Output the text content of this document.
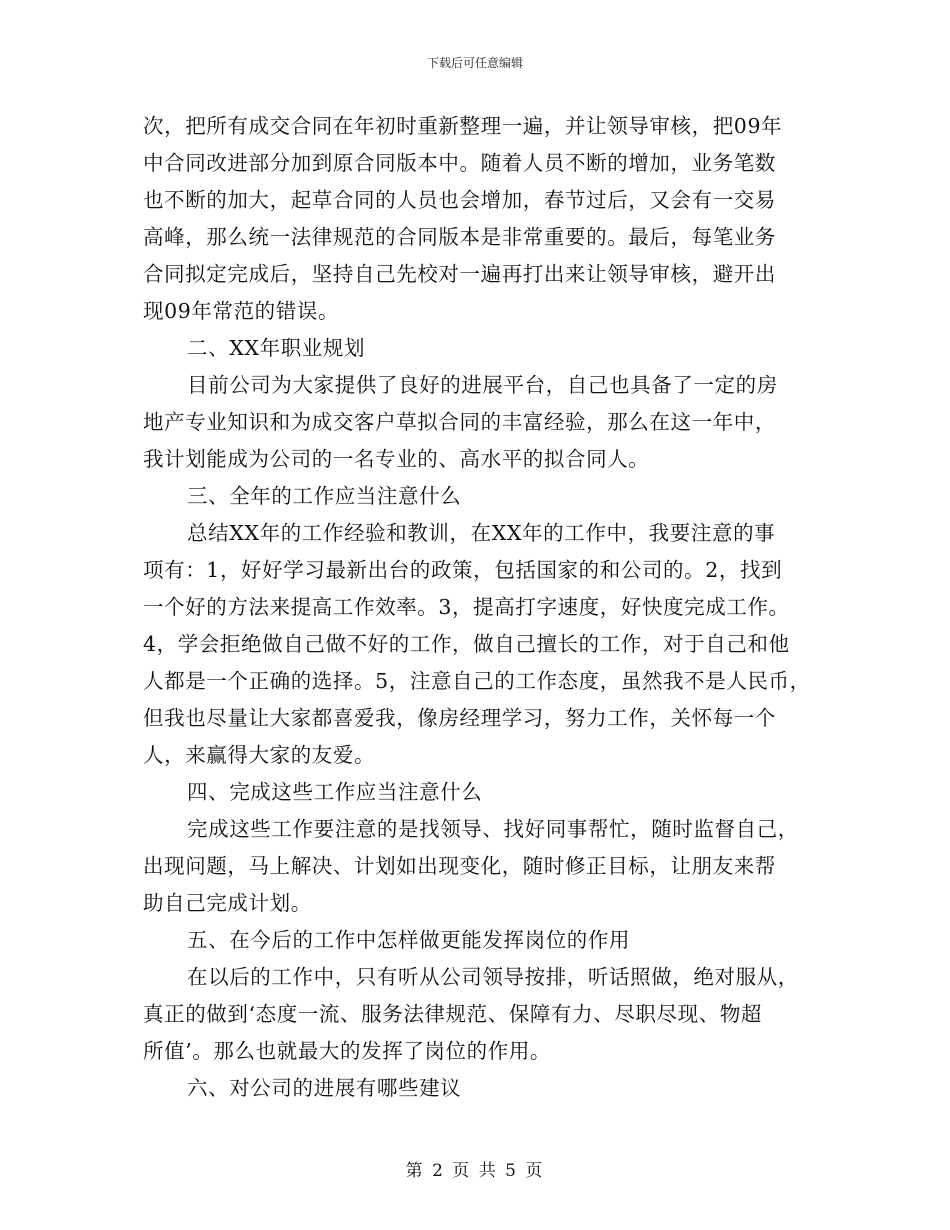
下载后可任意编辑
次，把所有成交合同在年初时重新整理一遍，并让领导审核，把09年
中合同改进部分加到原合同版本中。随着人员不断的增加，业务笔数
也不断的加大，起草合同的人员也会增加，春节过后，又会有一交易
高峰，那么统一法律规范的合同版本是非常重要的。最后，每笔业务
合同拟定完成后，坚持自己先校对一遍再打出来让领导审核，避开出
现09年常范的错误。
二、XX年职业规划
目前公司为大家提供了良好的进展平台，自己也具备了一定的房
地产专业知识和为成交客户草拟合同的丰富经验，那么在这一年中，
我计划能成为公司的一名专业的、高水平的拟合同人。
三、全年的工作应当注意什么
总结XX年的工作经验和教训，在XX年的工作中，我要注意的事
项有：1，好好学习最新出台的政策，包括国家的和公司的。2，找到
一个好的方法来提高工作效率。3，提高打字速度，好快度完成工作。
4，学会拒绝做自己做不好的工作，做自己擅长的工作，对于自己和他
人都是一个正确的选择。5，注意自己的工作态度，虽然我不是人民币，
但我也尽量让大家都喜爱我，像房经理学习，努力工作，关怀每一个
人，来赢得大家的友爱。
四、完成这些工作应当注意什么
完成这些工作要注意的是找领导、找好同事帮忙，随时监督自己，
出现问题，马上解决、计划如出现变化，随时修正目标，让朋友来帮
助自己完成计划。
五、在今后的工作中怎样做更能发挥岗位的作用
在以后的工作中，只有听从公司领导按排，听话照做，绝对服从，
真正的做到‘态度一流、服务法律规范、保障有力、尽职尽现、物超
所值’。那么也就最大的发挥了岗位的作用。
六、对公司的进展有哪些建议
第 2 页 共 5 页
